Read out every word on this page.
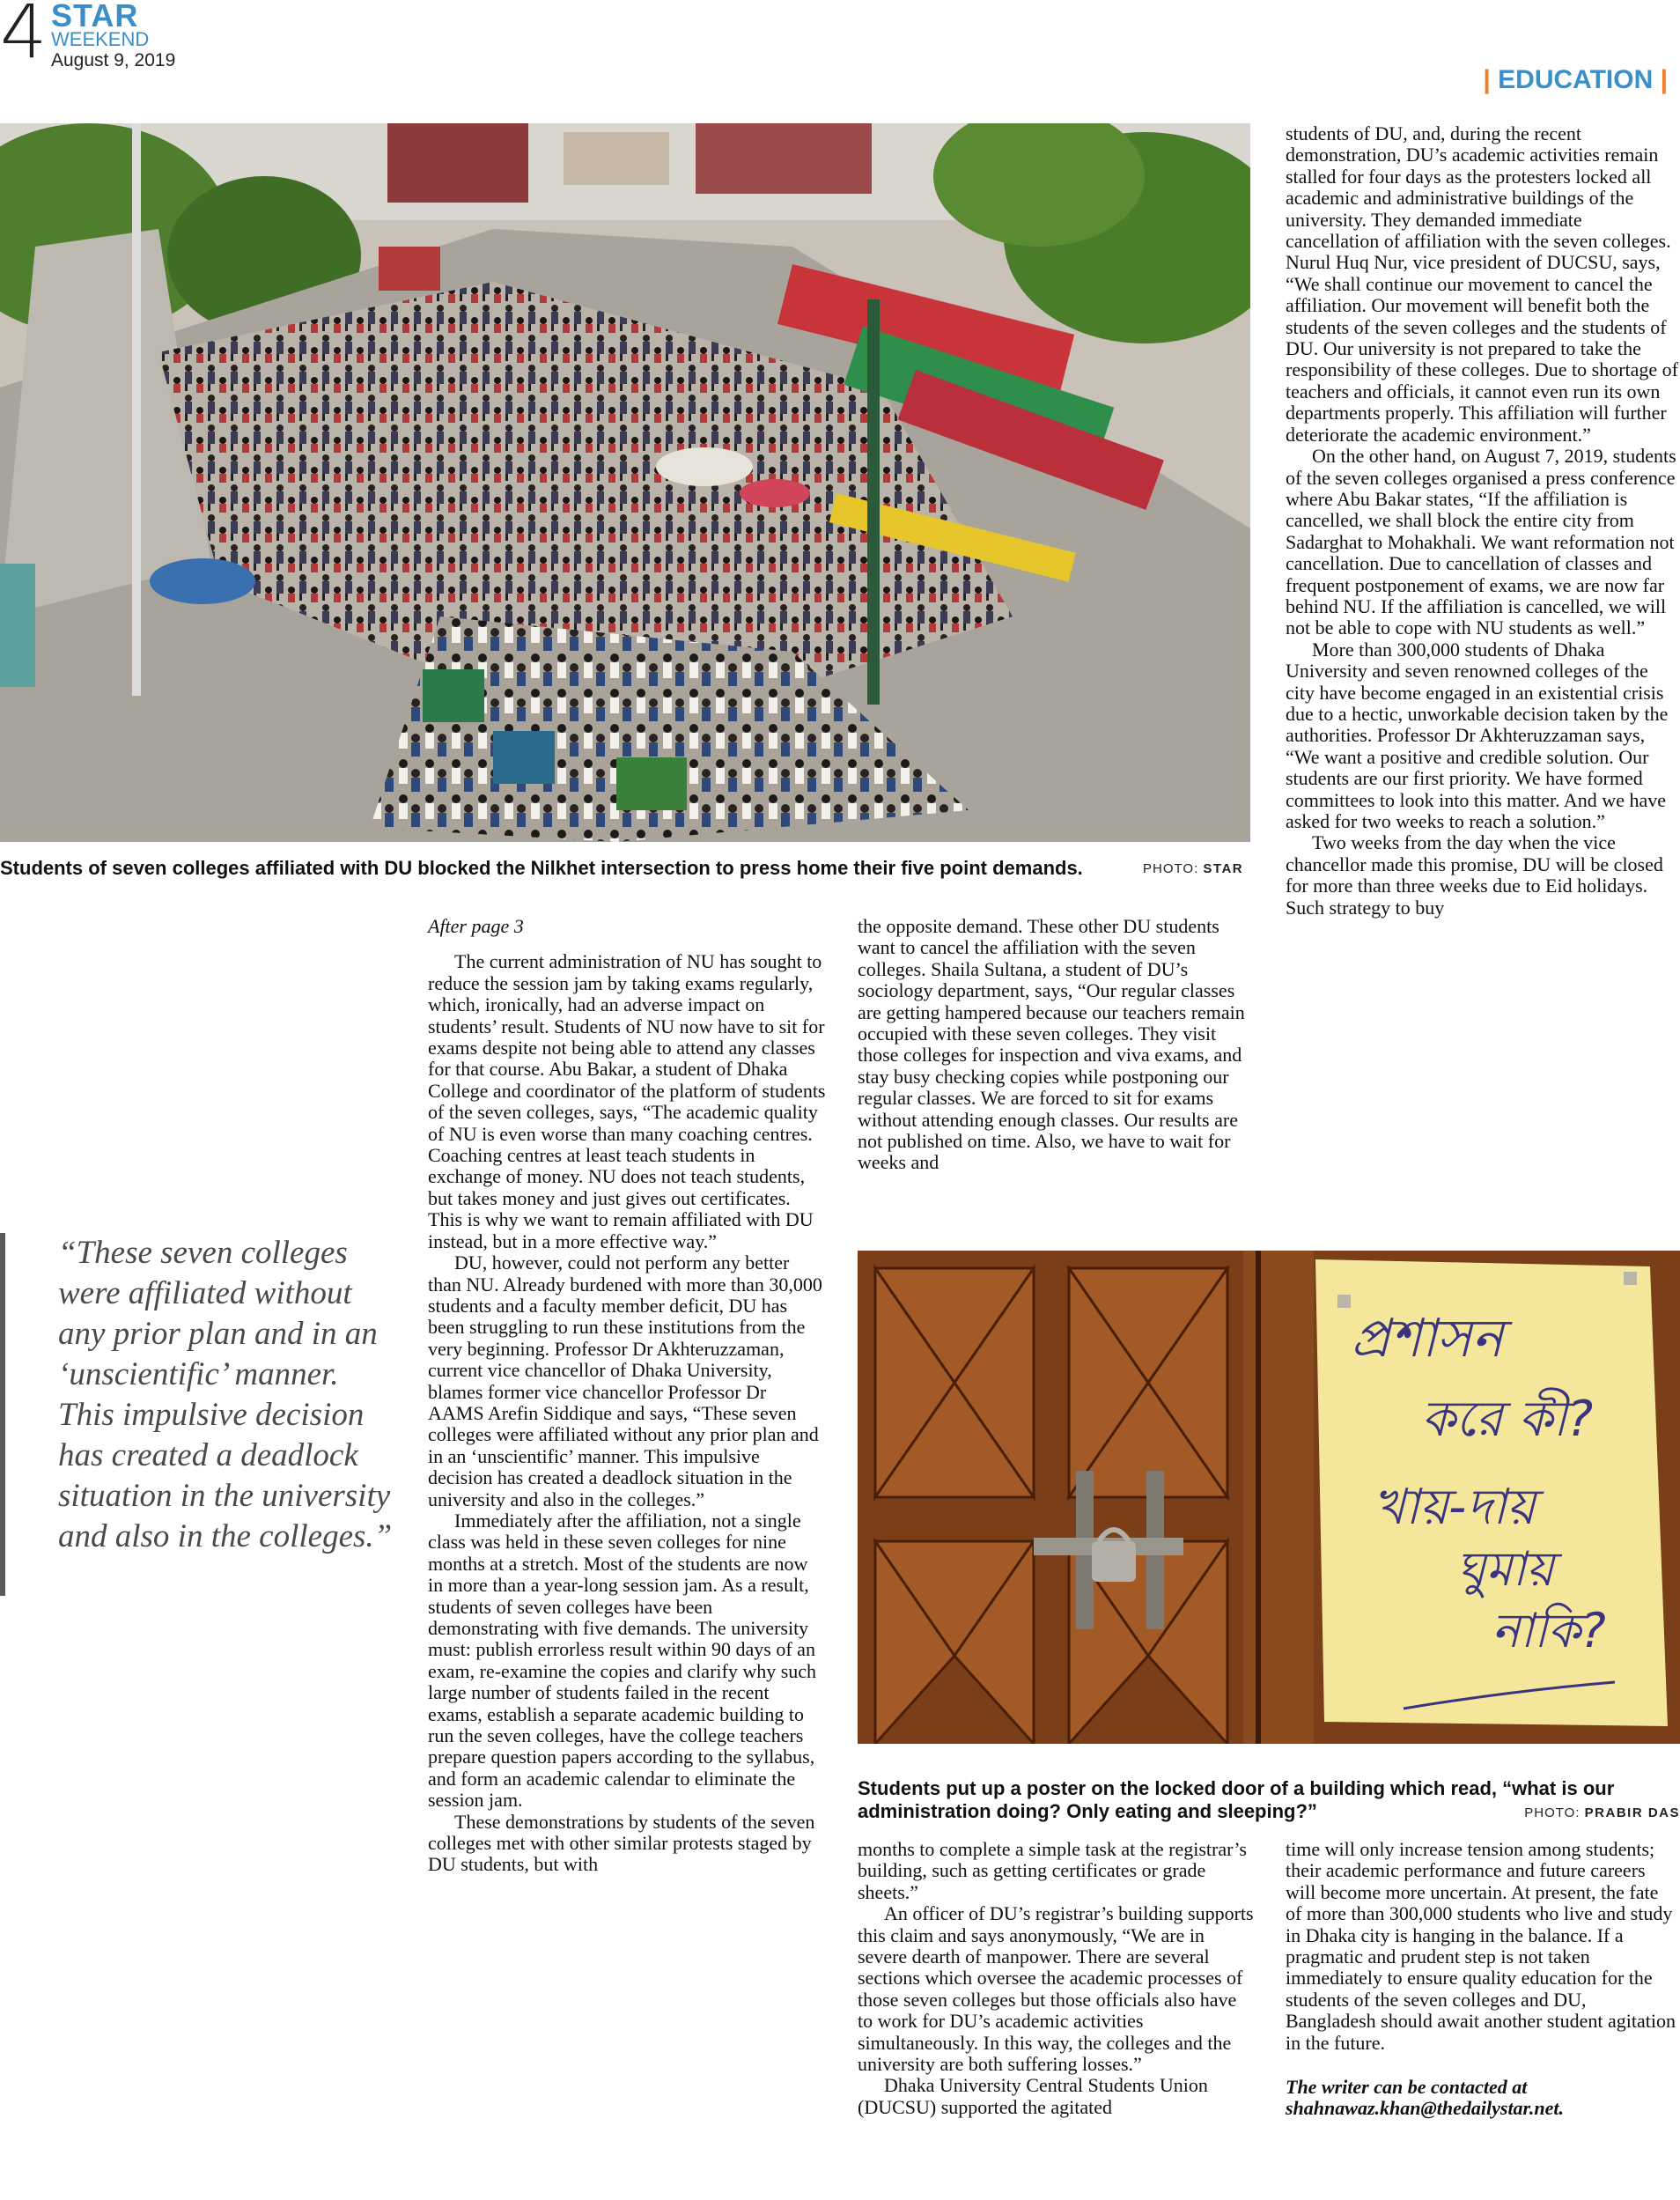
4 STAR
WEEKEND
August 9, 2019
| EDUCATION |
Students of seven colleges affiliated with DU blocked the Nilkhet intersection to press home their five point demands.	PHOTO: STAR
“These seven colleges were affiliated without any prior plan and in an ‘unscientific’ manner. This impulsive decision has created a deadlock situation in the university and also in the colleges.”

After page 3

The current administration of NU has sought to reduce the session jam by taking exams regularly, which, ironically, had an adverse impact on students’ result. Students of NU now have to sit for exams despite not being able to attend any classes for that course. Abu Bakar, a student of Dhaka College and coordinator of the platform of students of the seven colleges, says, “The academic quality of NU is even worse than many coaching centres. Coaching centres at least teach students in exchange of money. NU does not teach students, but takes money and just gives out certificates. This is why we want to remain affiliated with DU instead, but in a more effective way.”

DU, however, could not perform any better than NU. Already burdened with more than 30,000 students and a faculty member deficit, DU has been struggling to run these institutions from the very beginning. Professor Dr Akhteruzzaman, current vice chancellor of Dhaka University, blames former vice chancellor Professor Dr AAMS Arefin Siddique and says, “These seven colleges were affiliated without any prior plan and in an ‘unscientific’ manner. This impulsive decision has created a deadlock situation in the university and also in the colleges.”

Immediately after the affiliation, not a single class was held in these seven colleges for nine months at a stretch. Most of the students are now in more than a year-long session jam. As a result, students of seven colleges have been demonstrating with five demands. The university must: publish errorless result within 90 days of an exam, re-examine the copies and clarify why such large number of students failed in the recent exams, establish a separate academic building to run the seven colleges, have the college teachers prepare question papers according to the syllabus, and form an academic calendar to eliminate the session jam.

These demonstrations by students of the seven colleges met with other similar protests staged by DU students, but with

the opposite demand. These other DU students want to cancel the affiliation with the seven colleges. Shaila Sultana, a student of DU’s sociology department, says, “Our regular classes are getting hampered because our teachers remain occupied with these seven colleges. They visit those colleges for inspection and viva exams, and stay busy checking copies while postponing our regular classes. We are forced to sit for exams without attending enough classes. Our results are not published on time. Also, we have to wait for weeks and

students of DU, and, during the recent demonstration, DU’s academic activities remain stalled for four days as the protesters locked all academic and administrative buildings of the university. They demanded immediate cancellation of affiliation with the seven colleges. Nurul Huq Nur, vice president of DUCSU, says, “We shall continue our movement to cancel the affiliation. Our movement will benefit both the students of the seven colleges and the students of DU. Our university is not prepared to take the responsibility of these colleges. Due to shortage of teachers and officials, it cannot even run its own departments properly. This affiliation will further deteriorate the academic environment.”

On the other hand, on August 7, 2019, students of the seven colleges organised a press conference where Abu Bakar states, “If the affiliation is cancelled, we shall block the entire city from Sadarghat to Mohakhali. We want reformation not cancellation. Due to cancellation of classes and frequent postponement of exams, we are now far behind NU. If the affiliation is cancelled, we will not be able to cope with NU students as well.”

More than 300,000 students of Dhaka University and seven renowned colleges of the city have become engaged in an existential crisis due to a hectic, unworkable decision taken by the authorities. Professor Dr Akhteruzzaman says, “We want a positive and credible solution. Our students are our first priority. We have formed committees to look into this matter. And we have asked for two weeks to reach a solution.”

Two weeks from the day when the vice chancellor made this promise, DU will be closed for more than three weeks due to Eid holidays. Such strategy to buy

প্রশাসন
করে কী?
খায়-দায়
ঘুমায়
নাকি?
Students put up a poster on the locked door of a building which read, “what is our administration doing? Only eating and sleeping?”	PHOTO: PRABIR DAS

months to complete a simple task at the registrar’s building, such as getting certificates or grade sheets.”

An officer of DU’s registrar’s building supports this claim and says anonymously, “We are in severe dearth of manpower. There are several sections which oversee the academic processes of those seven colleges but those officials also have to work for DU’s academic activities simultaneously. In this way, the colleges and the university are both suffering losses.”

Dhaka University Central Students Union (DUCSU) supported the agitated

time will only increase tension among students; their academic performance and future careers will become more uncertain. At present, the fate of more than 300,000 students who live and study in Dhaka city is hanging in the balance. If a pragmatic and prudent step is not taken immediately to ensure quality education for the students of the seven colleges and DU, Bangladesh should await another student agitation in the future.

The writer can be contacted at shahnawaz.khan@thedailystar.net.
